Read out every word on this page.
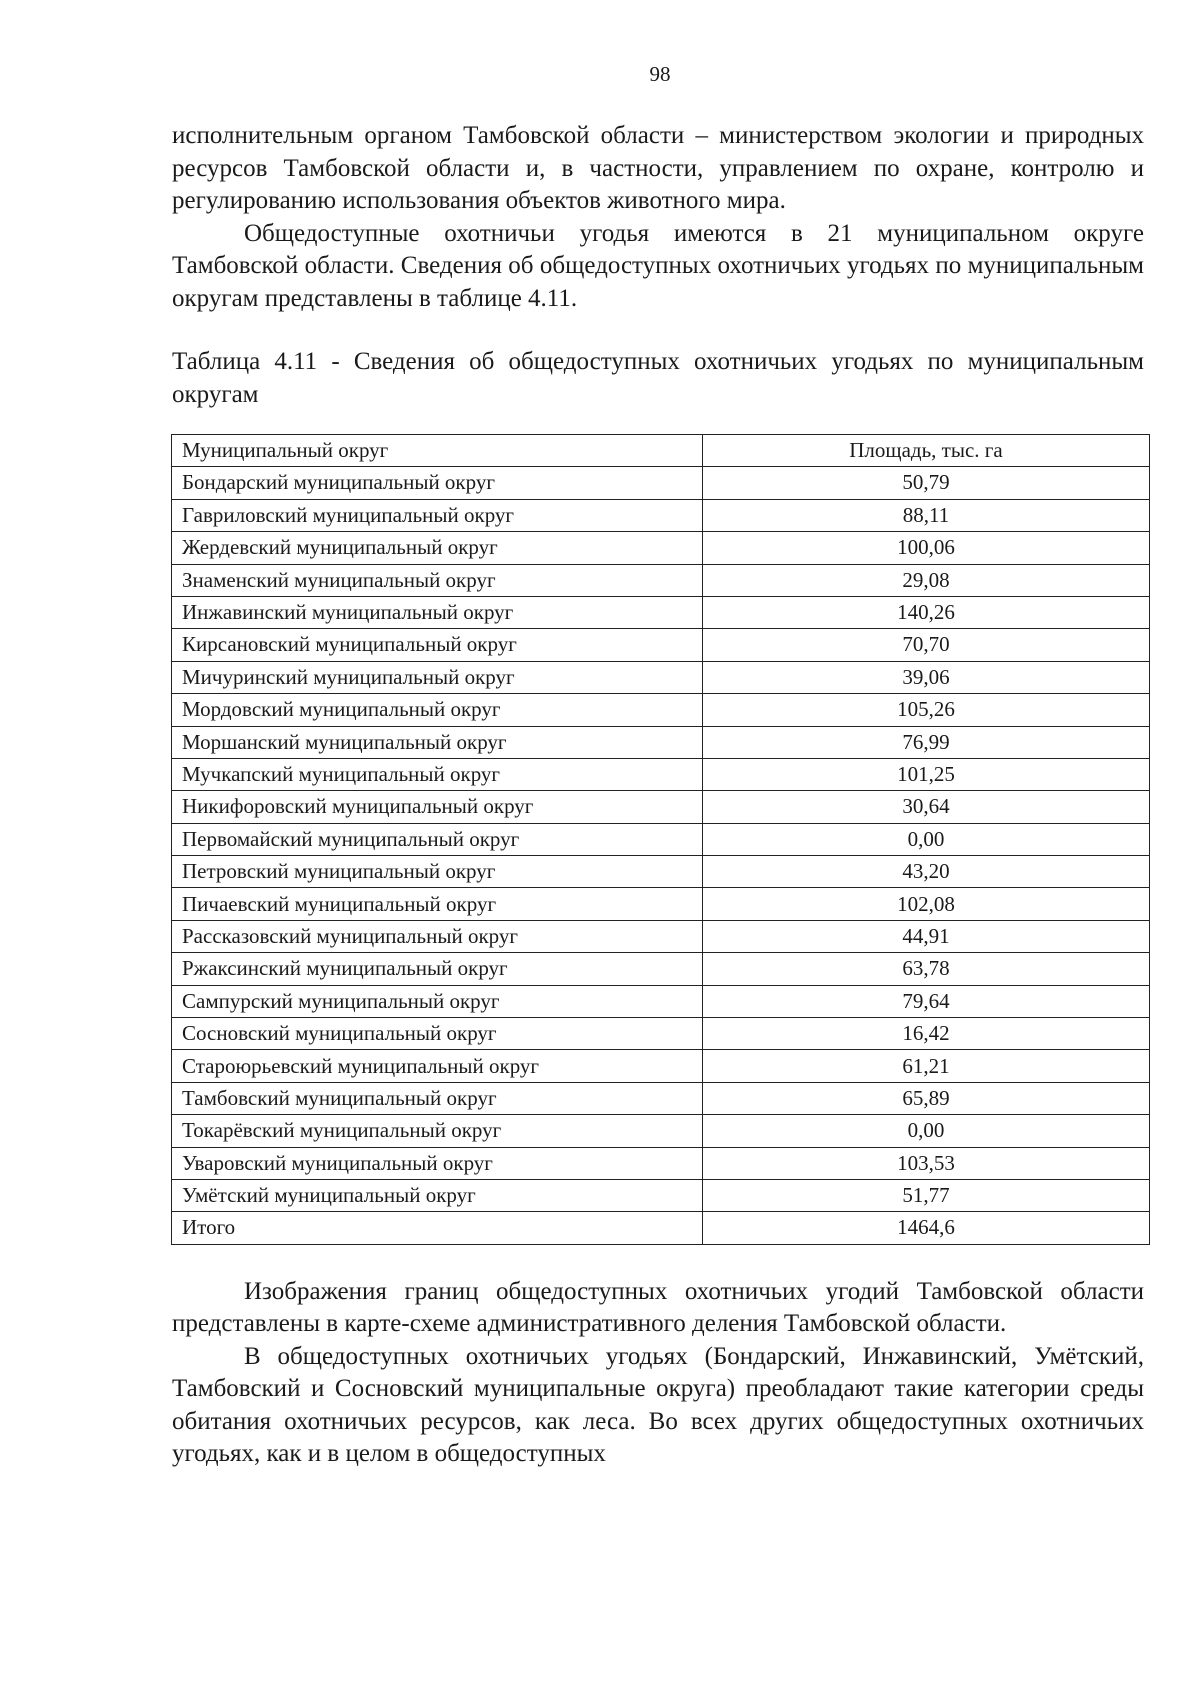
98

исполнительным органом Тамбовской области – министерством экологии и природных ресурсов Тамбовской области и, в частности, управлением по охране, контролю и регулированию использования объектов животного мира.

Общедоступные охотничьи угодья имеются в 21 муниципальном округе Тамбовской области. Сведения об общедоступных охотничьих угодьях по муниципальным округам представлены в таблице 4.11.

Таблица 4.11 - Сведения об общедоступных охотничьих угодьях по муниципальным округам

Муниципальный округ	Площадь, тыс. га
Бондарский муниципальный округ	50,79
Гавриловский муниципальный округ	88,11
Жердевский муниципальный округ	100,06
Знаменский муниципальный округ	29,08
Инжавинский муниципальный округ	140,26
Кирсановский муниципальный округ	70,70
Мичуринский муниципальный округ	39,06
Мордовский муниципальный округ	105,26
Моршанский муниципальный округ	76,99
Мучкапский муниципальный округ	101,25
Никифоровский муниципальный округ	30,64
Первомайский муниципальный округ	0,00
Петровский муниципальный округ	43,20
Пичаевский муниципальный округ	102,08
Рассказовский муниципальный округ	44,91
Ржаксинский муниципальный округ	63,78
Сампурский муниципальный округ	79,64
Сосновский муниципальный округ	16,42
Староюрьевский муниципальный округ	61,21
Тамбовский муниципальный округ	65,89
Токарёвский муниципальный округ	0,00
Уваровский муниципальный округ	103,53
Умётский муниципальный округ	51,77
Итого	1464,6

Изображения границ общедоступных охотничьих угодий Тамбовской области представлены в карте-схеме административного деления Тамбовской области.

В общедоступных охотничьих угодьях (Бондарский, Инжавинский, Умётский, Тамбовский и Сосновский муниципальные округа) преобладают такие категории среды обитания охотничьих ресурсов, как леса. Во всех других общедоступных охотничьих угодьях, как и в целом в общедоступных
